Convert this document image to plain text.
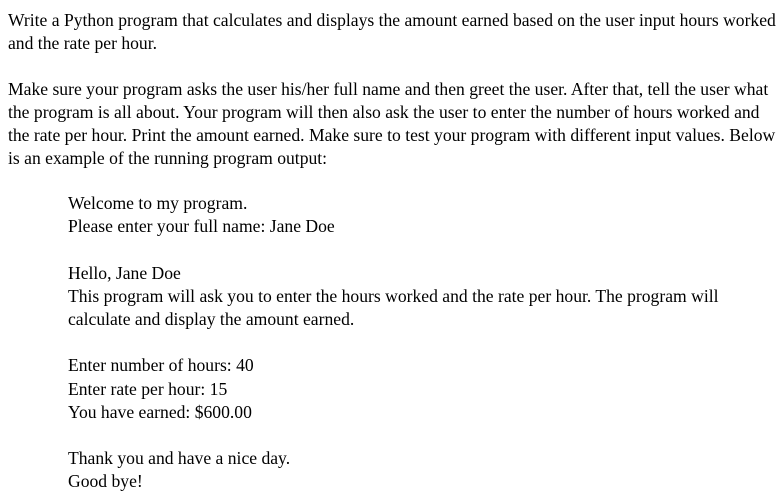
Write a Python program that calculates and displays the amount earned based on the user input hours worked and the rate per hour.

Make sure your program asks the user his/her full name and then greet the user. After that, tell the user what the program is all about. Your program will then also ask the user to enter the number of hours worked and the rate per hour. Print the amount earned. Make sure to test your program with different input values. Below is an example of the running program output:

Welcome to my program.
Please enter your full name: Jane Doe
Hello, Jane Doe
This program will ask you to enter the hours worked and the rate per hour. The program will calculate and display the amount earned.
Enter number of hours: 40
Enter rate per hour: 15
You have earned: $600.00
Thank you and have a nice day.
Good bye!
